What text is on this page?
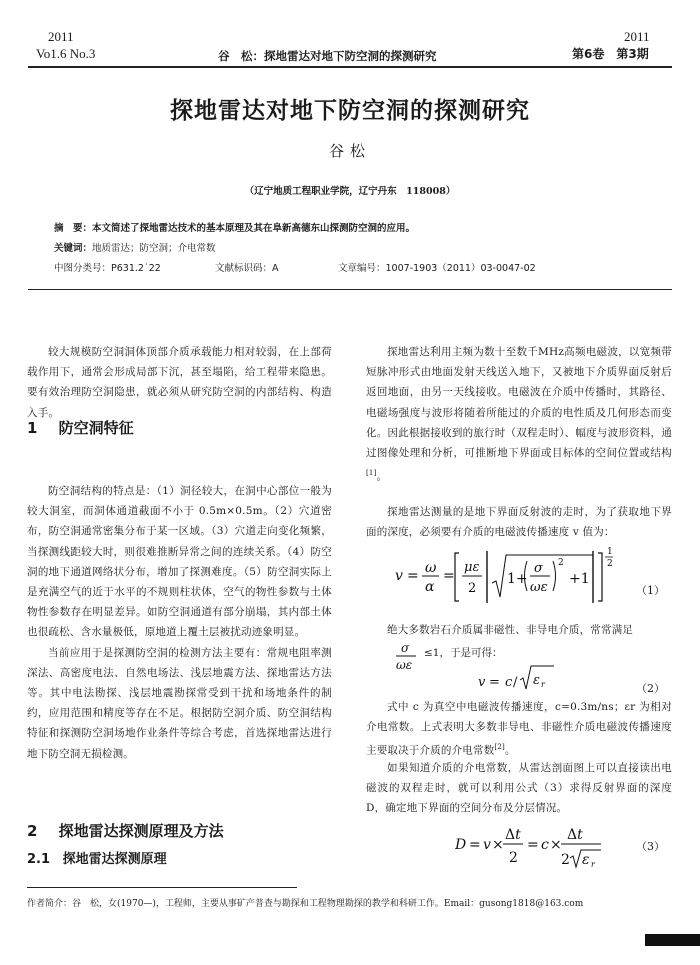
2011
Vo1.6 No.3	谷　松：探地雷达对地下防空洞的探测研究
2011
第6卷　第3期
探地雷达对地下防空洞的探测研究
谷松
（辽宁地质工程职业学院，辽宁丹东　118008）
摘　要：本文简述了探地雷达技术的基本原理及其在阜新高德东山探测防空洞的应用。
关键词：地质雷达；防空洞；介电常数
中图分类号：P631.2˙22	文献标识码：A	文章编号：1007-1903（2011）03-0047-02

较大规模防空洞洞体顶部介质承载能力相对较弱，在上部荷载作用下，通常会形成局部下沉，甚至塌陷，给工程带来隐患。要有效治理防空洞隐患，就必须从研究防空洞的内部结构、构造入手。

1 防空洞特征

防空洞结构的特点是：（1）洞径较大，在洞中心部位一般为较大洞室，而洞体通道截面不小于 0.5m×0.5m。（2）穴道密布，防空洞通常密集分布于某一区域。（3）穴道走向变化频繁，当探测线距较大时，则很难推断异常之间的连续关系。（4）防空洞的地下通道网络状分布，增加了探测难度。（5）防空洞实际上是充满空气的近于水平的不规则柱状体，空气的物性参数与土体物性参数存在明显差异。如防空洞通道有部分崩塌，其内部土体也很疏松、含水量极低，原地道上覆土层被扰动迹象明显。

当前应用于是探测防空洞的检测方法主要有：常规电阻率测深法、高密度电法、自然电场法、浅层地震方法、探地雷达方法等。其中电法勘探、浅层地震勘探常受到干扰和场地条件的制约，应用范围和精度等存在不足。根据防空洞介质、防空洞结构特征和探测防空洞场地作业条件等综合考虑，首选探地雷达进行地下防空洞无损检测。

2 探地雷达探测原理及方法
2.1 探地雷达探测原理

探地雷达利用主频为数十至数千MHz高频电磁波，以宽频带短脉冲形式由地面发射天线送入地下，又被地下介质界面反射后返回地面，由另一天线接收。电磁波在介质中传播时，其路径、电磁场强度与波形将随着所能过的介质的电性质及几何形态而变化。因此根据接收到的旅行时（双程走时）、幅度与波形资料，通过图像处理和分析，可推断地下界面或目标体的空间位置或结构[1]。

探地雷达测量的是地下界面反射波的走时，为了获取地下界面的深度，必须要有介质的电磁波传播速度 v 值为：

v = ω
α
=
με
2
1+
σ
ωε
2
+1
1
2
（1）

绝大多数岩石介质属非磁性、非导电介质，常常满足

σ
ωε
≤1，于是可得：
v = c / ε r	（2）

式中 c 为真空中电磁波传播速度，c=0.3m/ns；εr 为相对介电常数。上式表明大多数非导电、非磁性介质电磁波传播速度 主要取决于介质的介电常数[2]。

如果知道介质的介电常数，从雷达剖面图上可以直接读出电磁波的双程走时，就可以利用公式（3）求得反射界面的深度 D，确定地下界面的空间分布及分层情况。

D = v ×
Δt
2
= c ×
Δt
2 ε r
（3）
作者简介：谷　松，女(1970—)，工程师，主要从事矿产普查与勘探和工程物理勘探的教学和科研工作。Email：gusong1818@163.com
